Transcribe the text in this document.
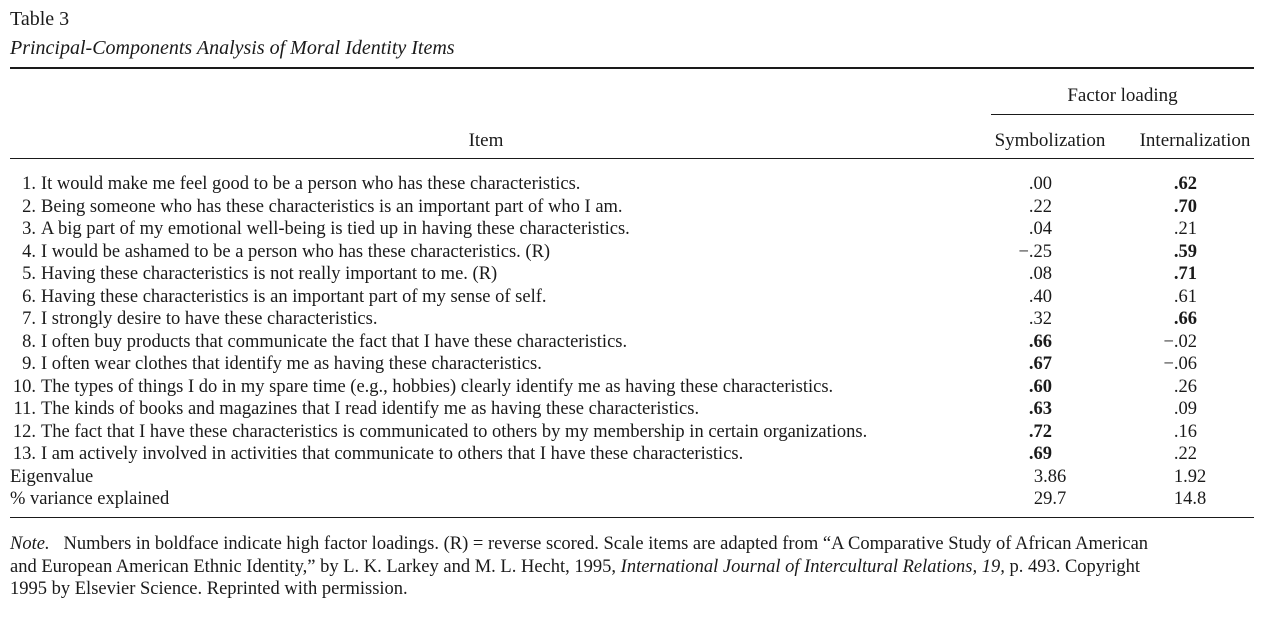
Table 3
Principal-Components Analysis of Moral Identity Items
Factor loading
Item	Symbolization Internalization
1. It would make me feel good to be a person who has these characteristics.	.00	.62
2. Being someone who has these characteristics is an important part of who I am.	.22	.70
3. A big part of my emotional well-being is tied up in having these characteristics.	.04	.21
4. I would be ashamed to be a person who has these characteristics. (R)	−.25	.59
5. Having these characteristics is not really important to me. (R)	.08	.71
6. Having these characteristics is an important part of my sense of self.	.40	.61
7. I strongly desire to have these characteristics.	.32	.66
8. I often buy products that communicate the fact that I have these characteristics.	.66	−.02
9. I often wear clothes that identify me as having these characteristics.	.67	−.06
10. The types of things I do in my spare time (e.g., hobbies) clearly identify me as having these characteristics.	.60	.26
11. The kinds of books and magazines that I read identify me as having these characteristics.	.63	.09
12. The fact that I have these characteristics is communicated to others by my membership in certain organizations.	.72	.16
13. I am actively involved in activities that communicate to others that I have these characteristics.	.69	.22
Eigenvalue	3.86	1.92
% variance explained	29.7	14.8
Note. Numbers in boldface indicate high factor loadings. (R) = reverse scored. Scale items are adapted from “A Comparative Study of African American
and European American Ethnic Identity,” by L. K. Larkey and M. L. Hecht, 1995, International Journal of Intercultural Relations, 19, p. 493. Copyright
1995 by Elsevier Science. Reprinted with permission.
